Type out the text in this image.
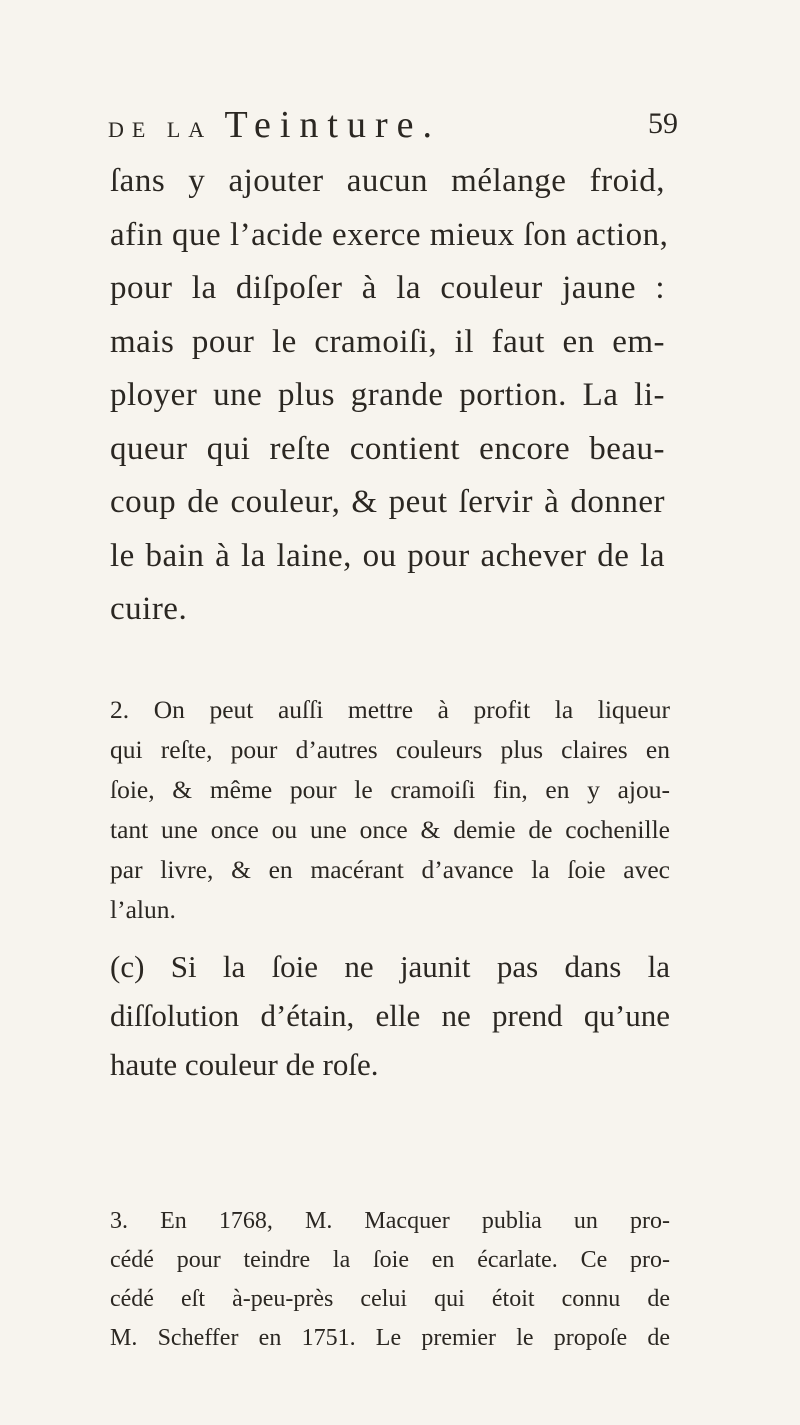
DE LA Teinture.	59
ſans y ajouter aucun mélange froid,
afin que l’acide exerce mieux ſon action,
pour la diſpoſer à la couleur jaune :
mais pour le cramoiſi, il faut en em-
ployer une plus grande portion. La li-
queur qui reſte contient encore beau-
coup de couleur, & peut ſervir à donner
le bain à la laine, ou pour achever de la
cuire.
2. On peut auſſi mettre à profit la liqueur
qui reſte, pour d’autres couleurs plus claires en
ſoie, & même pour le cramoiſi fin, en y ajou-
tant une once ou une once & demie de cochenille
par livre, & en macérant d’avance la ſoie avec
l’alun.
(c) Si la ſoie ne jaunit pas dans la
diſſolution d’étain, elle ne prend qu’une
haute couleur de roſe.
3. En 1768, M. Macquer publia un pro-
cédé pour teindre la ſoie en écarlate. Ce pro-
cédé eſt à-peu-près celui qui étoit connu de
M. Scheffer en 1751. Le premier le propoſe de
